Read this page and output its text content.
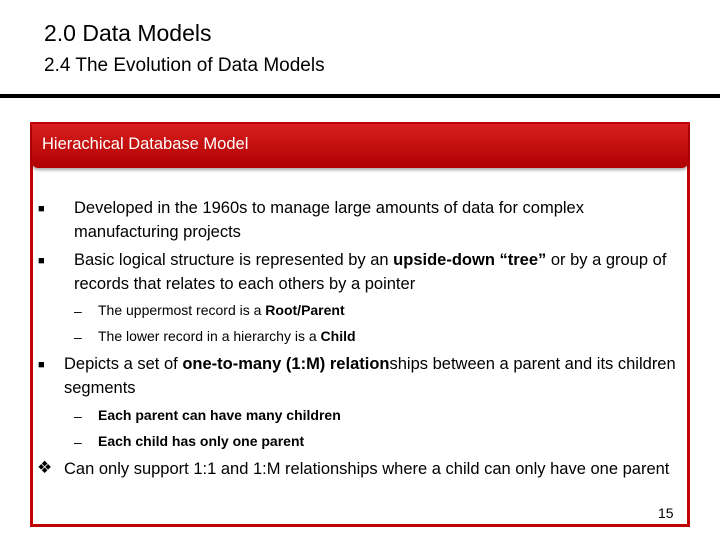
2.0 Data Models
2.4 The Evolution of Data Models
Hierachical Database Model
■ Developed in the 1960s to manage large amounts of data for complex manufacturing projects
■ Basic logical structure is represented by an upside-down “tree” or by a group of records that relates to each others by a pointer
– The uppermost record is a Root/Parent
– The lower record in a hierarchy is a Child
■ Depicts a set of one-to-many (1:M) relationships between a parent and its children segments
– Each parent can have many children
– Each child has only one parent
❖ Can only support 1:1 and 1:M relationships where a child can only have one parent
15
